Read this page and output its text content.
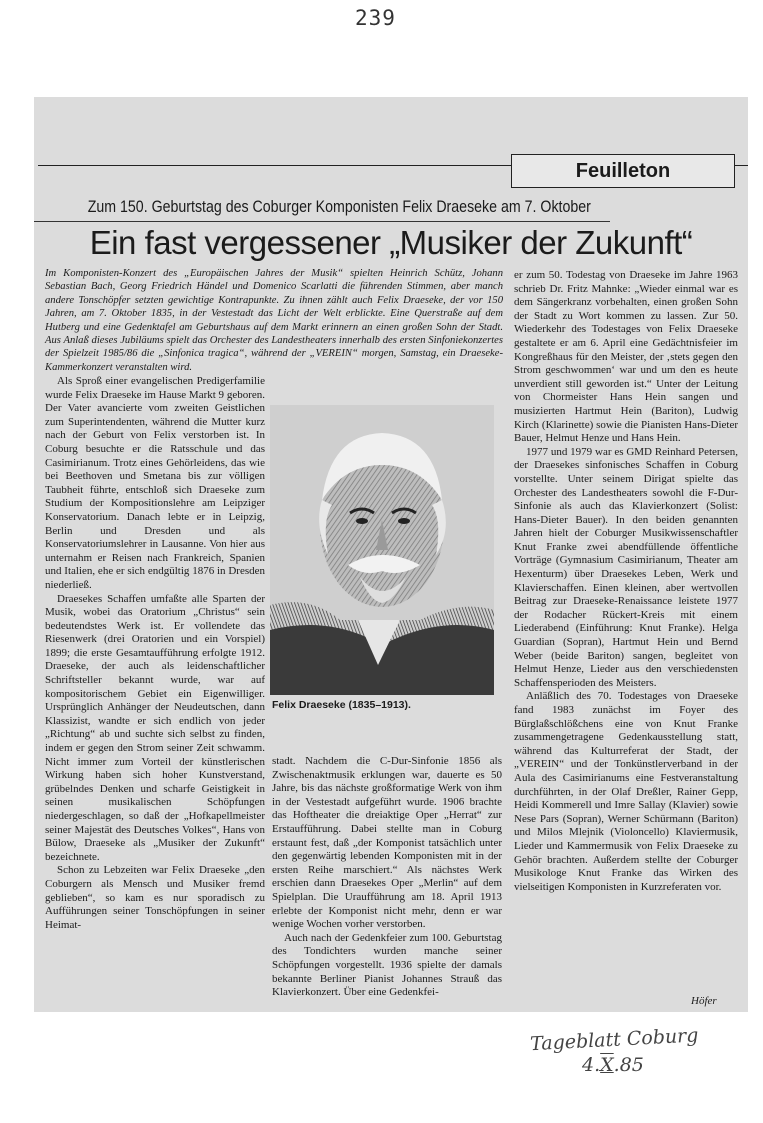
239
Feuilleton
Zum 150. Geburtstag des Coburger Komponisten Felix Draeseke am 7. Oktober
Ein fast vergessener „Musiker der Zukunft“
Im Komponisten-Konzert des „Europäischen Jahres der Musik“ spielten Heinrich Schütz, Johann Sebastian Bach, Georg Friedrich Händel und Domenico Scarlatti die führenden Stimmen, aber manch andere Tonschöpfer setzten gewichtige Kontrapunkte. Zu ihnen zählt auch Felix Draeseke, der vor 150 Jahren, am 7. Oktober 1835, in der Vestestadt das Licht der Welt erblickte. Eine Querstraße auf dem Hutberg und eine Gedenktafel am Geburtshaus auf dem Markt erinnern an einen großen Sohn der Stadt. Aus Anlaß dieses Jubiläums spielt das Orchester des Landestheaters innerhalb des ersten Sinfoniekonzertes der Spielzeit 1985/86 die „Sinfonica tragica“, während der „VEREIN“ morgen, Samstag, ein Draeseke-Kammerkonzert veranstalten wird.

Als Sproß einer evangelischen Predigerfamilie wurde Felix Draeseke im Hause Markt 9 geboren. Der Vater avancierte vom zweiten Geistlichen zum Superintendenten, während die Mutter kurz nach der Geburt von Felix verstorben ist. In Coburg besuchte er die Ratsschule und das Casimirianum. Trotz eines Gehörleidens, das wie bei Beethoven und Smetana bis zur völligen Taubheit führte, entschloß sich Draeseke zum Studium der Kompositionslehre am Leipziger Konservatorium. Danach lebte er in Leipzig, Berlin und Dresden und als Konservatoriumslehrer in Lausanne. Von hier aus unternahm er Reisen nach Frankreich, Spanien und Italien, ehe er sich endgültig 1876 in Dresden niederließ.

Draesekes Schaffen umfaßte alle Sparten der Musik, wobei das Oratorium „Christus“ sein bedeutendstes Werk ist. Er vollendete das Riesenwerk (drei Oratorien und ein Vorspiel) 1899; die erste Gesamtaufführung erfolgte 1912. Draeseke, der auch als leidenschaftlicher Schriftsteller bekannt wurde, war auf kompositorischem Gebiet ein Eigenwilliger. Ursprünglich Anhänger der Neudeutschen, dann Klassizist, wandte er sich endlich von jeder „Richtung“ ab und suchte sich selbst zu finden, indem er gegen den Strom seiner Zeit schwamm. Nicht immer zum Vorteil der künstlerischen Wirkung haben sich hoher Kunstverstand, grübelndes Denken und scharfe Geistigkeit in seinen musikalischen Schöpfungen niedergeschlagen, so daß der „Hofkapellmeister seiner Majestät des Deutsches Volkes“, Hans von Bülow, Draeseke als „Musiker der Zukunft“ bezeichnete.

Schon zu Lebzeiten war Felix Draeseke „den Coburgern als Mensch und Musiker fremd geblieben“, so kam es nur sporadisch zu Aufführungen seiner Tonschöpfungen in seiner Heimat-

Felix Draeseke (1835–1913).

stadt. Nachdem die C-Dur-Sinfonie 1856 als Zwischenaktmusik erklungen war, dauerte es 50 Jahre, bis das nächste großformatige Werk von ihm in der Vestestadt aufgeführt wurde. 1906 brachte das Hoftheater die dreiaktige Oper „Herrat“ zur Erstaufführung. Dabei stellte man in Coburg erstaunt fest, daß „der Komponist tatsächlich unter den gegenwärtig lebenden Komponisten mit in der ersten Reihe marschiert.“ Als nächstes Werk erschien dann Draesekes Oper „Merlin“ auf dem Spielplan. Die Uraufführung am 18. April 1913 erlebte der Komponist nicht mehr, denn er war wenige Wochen vorher verstorben.

Auch nach der Gedenkfeier zum 100. Geburtstag des Tondichters wurden manche seiner Schöpfungen vorgestellt. 1936 spielte der damals bekannte Berliner Pianist Johannes Strauß das Klavierkonzert. Über eine Gedenkfei-

er zum 50. Todestag von Draeseke im Jahre 1963 schrieb Dr. Fritz Mahnke: „Wieder einmal war es dem Sängerkranz vorbehalten, einen großen Sohn der Stadt zu Wort kommen zu lassen. Zur 50. Wiederkehr des Todestages von Felix Draeseke gestaltete er am 6. April eine Gedächtnisfeier im Kongreßhaus für den Meister, der ‚stets gegen den Strom geschwommen‘ war und um den es heute unverdient still geworden ist.“ Unter der Leitung von Chormeister Hans Hein sangen und musizierten Hartmut Hein (Bariton), Ludwig Kirch (Klarinette) sowie die Pianisten Hans-Dieter Bauer, Helmut Henze und Hans Hein.

1977 und 1979 war es GMD Reinhard Petersen, der Draesekes sinfonisches Schaffen in Coburg vorstellte. Unter seinem Dirigat spielte das Orchester des Landestheaters sowohl die F-Dur-Sinfonie als auch das Klavierkonzert (Solist: Hans-Dieter Bauer). In den beiden genannten Jahren hielt der Coburger Musikwissenschaftler Knut Franke zwei abendfüllende öffentliche Vorträge (Gymnasium Casimirianum, Theater am Hexenturm) über Draesekes Leben, Werk und Klavierschaffen. Einen kleinen, aber wertvollen Beitrag zur Draeseke-Renaissance leistete 1977 der Rodacher Rückert-Kreis mit einem Liederabend (Einführung: Knut Franke). Helga Guardian (Sopran), Hartmut Hein und Bernd Weber (beide Bariton) sangen, begleitet von Helmut Henze, Lieder aus den verschiedensten Schaffensperioden des Meisters.

Anläßlich des 70. Todestages von Draeseke fand 1983 zunächst im Foyer des Bürglaßschlößchens eine von Knut Franke zusammengetragene Gedenkausstellung statt, während das Kulturreferat der Stadt, der „VEREIN“ und der Tonkünstlerverband in der Aula des Casimirianums eine Festveranstaltung durchführten, in der Olaf Dreßler, Rainer Gepp, Heidi Kommerell und Imre Sallay (Klavier) sowie Nese Pars (Sopran), Werner Schürmann (Bariton) und Milos Mlejnik (Violoncello) Klaviermusik, Lieder und Kammermusik von Felix Draeseke zu Gehör brachten. Außerdem stellte der Coburger Musikologe Knut Franke das Wirken des vielseitigen Komponisten in Kurzreferaten vor.

Höfer
Tageblatt Coburg
4.X.85
